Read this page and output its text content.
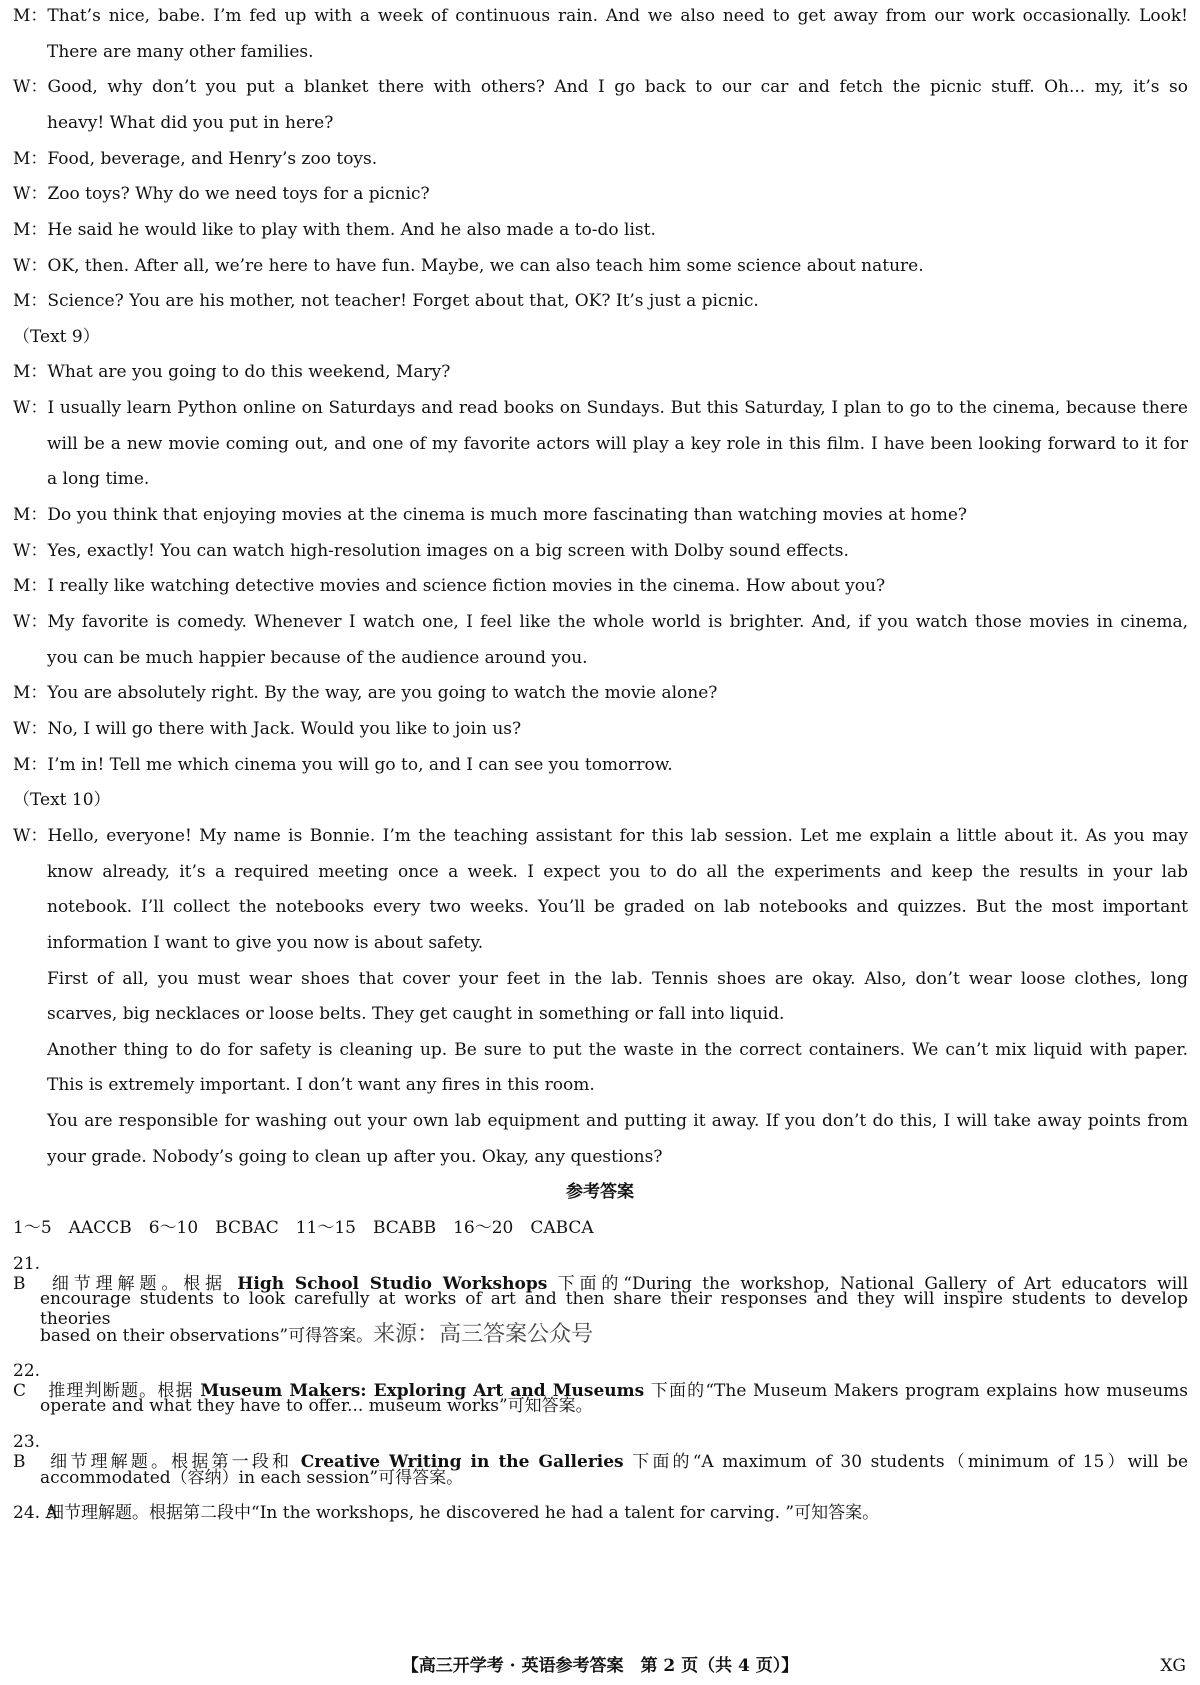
M：That’s nice, babe. I’m fed up with a week of continuous rain. And we also need to get away from our work occasionally. Look!
There are many other families.
W：Good, why don’t you put a blanket there with others? And I go back to our car and fetch the picnic stuff. Oh... my, it’s so
heavy! What did you put in here?
M：Food, beverage, and Henry’s zoo toys.
W：Zoo toys? Why do we need toys for a picnic?
M：He said he would like to play with them. And he also made a to-do list.
W：OK, then. After all, we’re here to have fun. Maybe, we can also teach him some science about nature.
M：Science? You are his mother, not teacher! Forget about that, OK? It’s just a picnic.
（Text 9）
M：What are you going to do this weekend, Mary?
W：I usually learn Python online on Saturdays and read books on Sundays. But this Saturday, I plan to go to the cinema, because there
will be a new movie coming out, and one of my favorite actors will play a key role in this film. I have been looking forward to it for
a long time.
M：Do you think that enjoying movies at the cinema is much more fascinating than watching movies at home?
W：Yes, exactly! You can watch high-resolution images on a big screen with Dolby sound effects.
M：I really like watching detective movies and science fiction movies in the cinema. How about you?
W：My favorite is comedy. Whenever I watch one, I feel like the whole world is brighter. And, if you watch those movies in cinema,
you can be much happier because of the audience around you.
M：You are absolutely right. By the way, are you going to watch the movie alone?
W：No, I will go there with Jack. Would you like to join us?
M：I’m in! Tell me which cinema you will go to, and I can see you tomorrow.
（Text 10）
W：Hello, everyone! My name is Bonnie. I’m the teaching assistant for this lab session. Let me explain a little about it. As you may
know already, it’s a required meeting once a week. I expect you to do all the experiments and keep the results in your lab
notebook. I’ll collect the notebooks every two weeks. You’ll be graded on lab notebooks and quizzes. But the most important
information I want to give you now is about safety.
First of all, you must wear shoes that cover your feet in the lab. Tennis shoes are okay. Also, don’t wear loose clothes, long
scarves, big necklaces or loose belts. They get caught in something or fall into liquid.
Another thing to do for safety is cleaning up. Be sure to put the waste in the correct containers. We can’t mix liquid with paper.
This is extremely important. I don’t want any fires in this room.
You are responsible for washing out your own lab equipment and putting it away. If you don’t do this, I will take away points from
your grade. Nobody’s going to clean up after you. Okay, any questions?
参考答案
1～5　AACCB　6～10　BCBAC　11～15　BCABB　16～20　CABCA
21. B 细节理解题。根据 High School Studio Workshops 下面的“During the workshop, National Gallery of Art educators will
encourage students to look carefully at works of art and then share their responses and they will inspire students to develop theories
based on their observations”可得答案。来源：高三答案公众号
22. C 推理判断题。根据 Museum Makers: Exploring Art and Museums 下面的“The Museum Makers program explains how museums
operate and what they have to offer... museum works”可知答案。
23. B 细节理解题。根据第一段和 Creative Writing in the Galleries 下面的“A maximum of 30 students（minimum of 15）will be
accommodated（容纳）in each session”可得答案。
24. A细节理解题。根据第二段中“In the workshops, he discovered he had a talent for carving. ”可知答案。
【高三开学考 · 英语参考答案　第 2 页（共 4 页）】	XG
